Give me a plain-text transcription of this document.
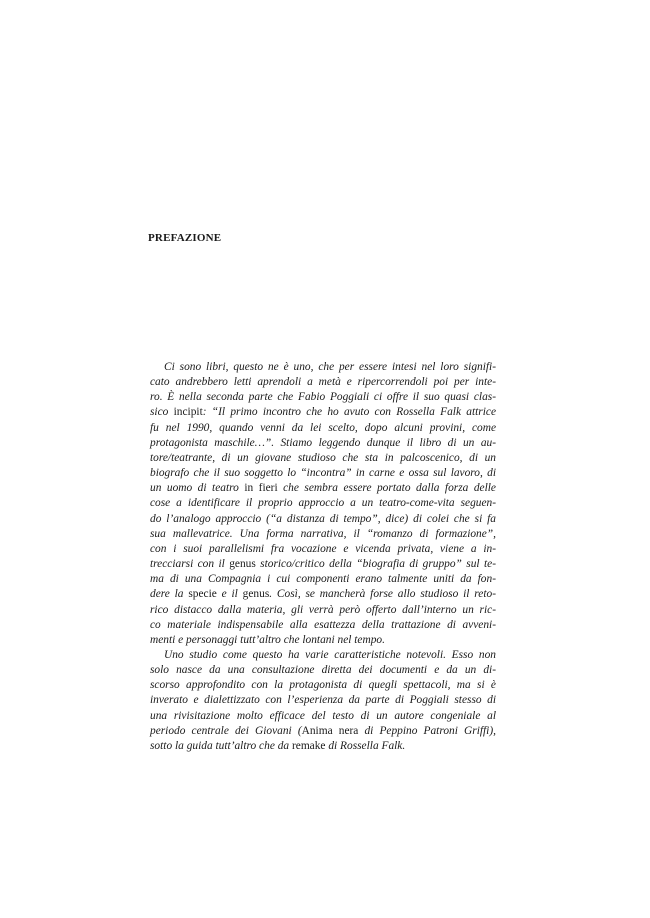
PREFAZIONE
Ci sono libri, questo ne è uno, che per essere intesi nel loro signifi-
cato andrebbero letti aprendoli a metà e ripercorrendoli poi per inte-
ro. È nella seconda parte che Fabio Poggiali ci offre il suo quasi clas-
sico incipit: “Il primo incontro che ho avuto con Rossella Falk attrice
fu nel 1990, quando venni da lei scelto, dopo alcuni provini, come
protagonista maschile…”. Stiamo leggendo dunque il libro di un au-
tore/teatrante, di un giovane studioso che sta in palcoscenico, di un
biografo che il suo soggetto lo “incontra” in carne e ossa sul lavoro, di
un uomo di teatro in fieri che sembra essere portato dalla forza delle
cose a identificare il proprio approccio a un teatro-come-vita seguen-
do l’analogo approccio (“a distanza di tempo”, dice) di colei che si fa
sua mallevatrice. Una forma narrativa, il “romanzo di formazione”,
con i suoi parallelismi fra vocazione e vicenda privata, viene a in-
trecciarsi con il genus storico/critico della “biografia di gruppo” sul te-
ma di una Compagnia i cui componenti erano talmente uniti da fon-
dere la specie e il genus. Così, se mancherà forse allo studioso il reto-
rico distacco dalla materia, gli verrà però offerto dall’interno un ric-
co materiale indispensabile alla esattezza della trattazione di avveni-
menti e personaggi tutt’altro che lontani nel tempo.
Uno studio come questo ha varie caratteristiche notevoli. Esso non
solo nasce da una consultazione diretta dei documenti e da un di-
scorso approfondito con la protagonista di quegli spettacoli, ma si è
inverato e dialettizzato con l’esperienza da parte di Poggiali stesso di
una rivisitazione molto efficace del testo di un autore congeniale al
periodo centrale dei Giovani (Anima nera di Peppino Patroni Griffi),
sotto la guida tutt’altro che da remake di Rossella Falk.
